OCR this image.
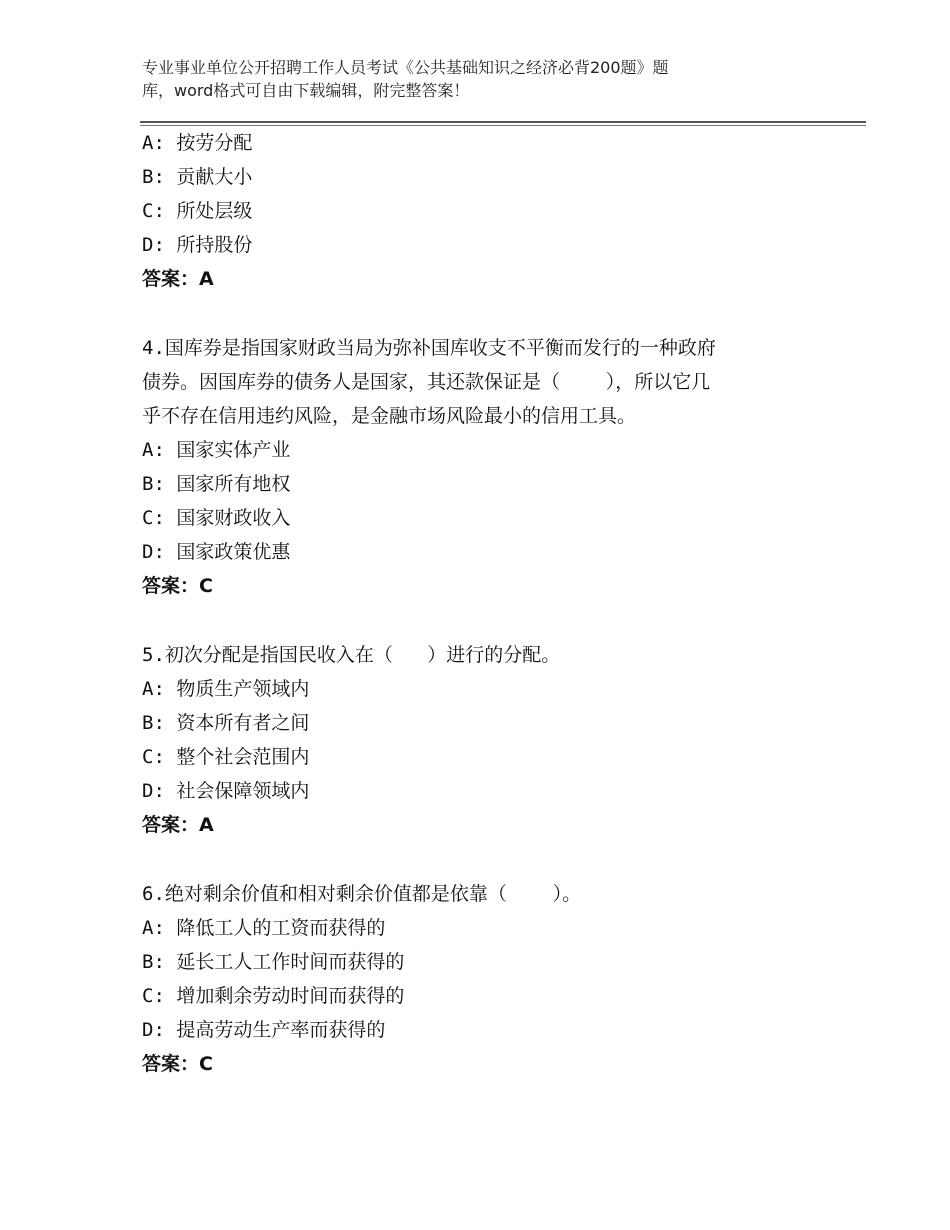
专业事业单位公开招聘工作人员考试《公共基础知识之经济必背200题》题
库，word格式可自由下载编辑，附完整答案！
A: 按劳分配
B: 贡献大小
C: 所处层级
D: 所持股份
答案：A
4.国库券是指国家财政当局为弥补国库收支不平衡而发行的一种政府
债券。因国库券的债务人是国家，其还款保证是（    ），所以它几
乎不存在信用违约风险，是金融市场风险最小的信用工具。
A: 国家实体产业
B: 国家所有地权
C: 国家财政收入
D: 国家政策优惠
答案：C
5.初次分配是指国民收入在（   ）进行的分配。
A: 物质生产领域内
B: 资本所有者之间
C: 整个社会范围内
D: 社会保障领域内
答案：A
6.绝对剩余价值和相对剩余价值都是依靠（    ）。
A: 降低工人的工资而获得的
B: 延长工人工作时间而获得的
C: 增加剩余劳动时间而获得的
D: 提高劳动生产率而获得的
答案：C
